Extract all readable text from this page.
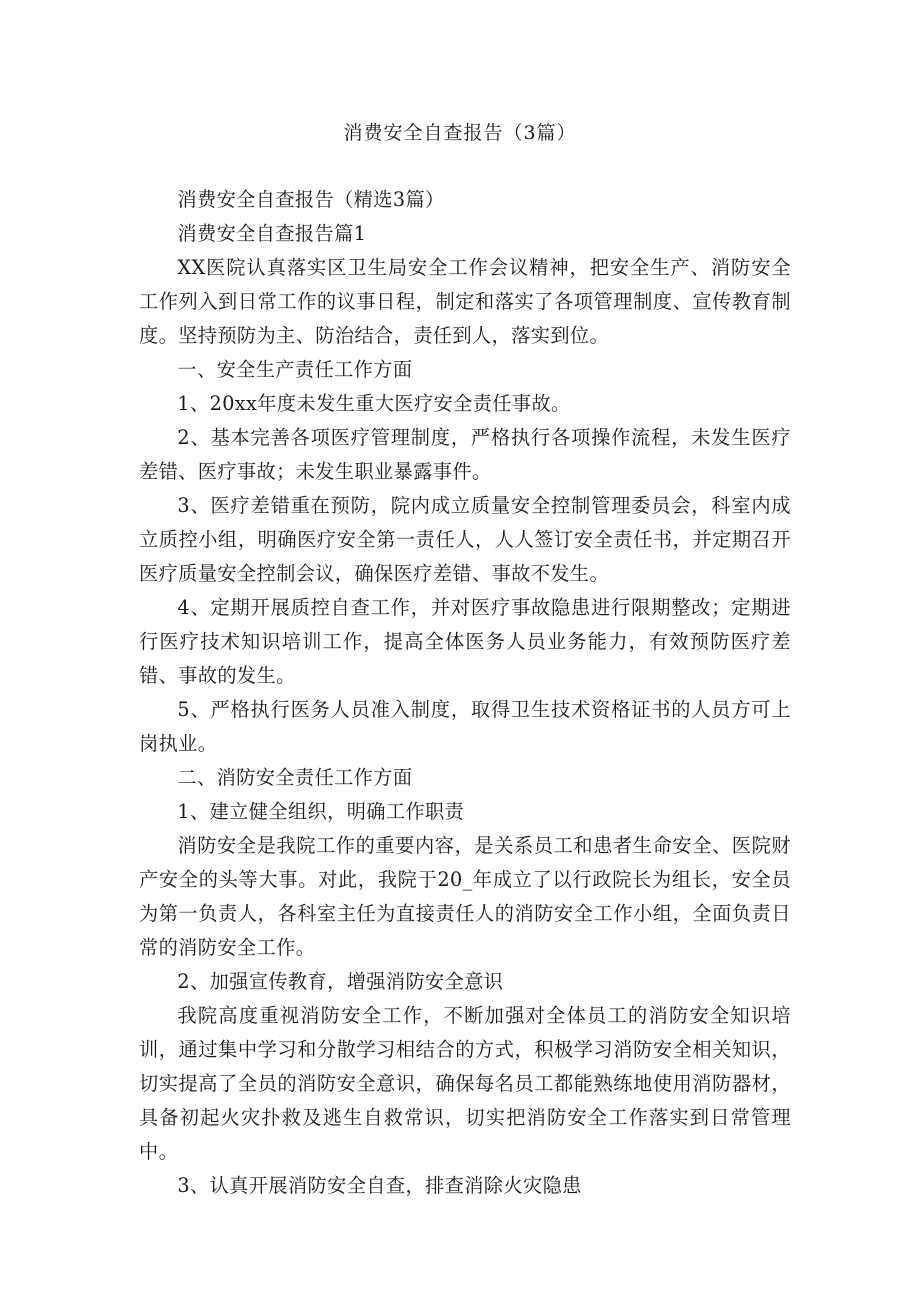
消费安全自查报告（3篇）

消费安全自查报告（精选3篇）

消费安全自查报告篇1

XX医院认真落实区卫生局安全工作会议精神，把安全生产、消防安全工作列入到日常工作的议事日程，制定和落实了各项管理制度、宣传教育制度。坚持预防为主、防治结合，责任到人，落实到位。

一、安全生产责任工作方面

1、20xx年度未发生重大医疗安全责任事故。

2、基本完善各项医疗管理制度，严格执行各项操作流程，未发生医疗差错、医疗事故；未发生职业暴露事件。

3、医疗差错重在预防，院内成立质量安全控制管理委员会，科室内成立质控小组，明确医疗安全第一责任人，人人签订安全责任书，并定期召开医疗质量安全控制会议，确保医疗差错、事故不发生。

4、定期开展质控自查工作，并对医疗事故隐患进行限期整改；定期进行医疗技术知识培训工作，提高全体医务人员业务能力，有效预防医疗差错、事故的发生。

5、严格执行医务人员准入制度，取得卫生技术资格证书的人员方可上岗执业。

二、消防安全责任工作方面

1、建立健全组织，明确工作职责

消防安全是我院工作的重要内容，是关系员工和患者生命安全、医院财产安全的头等大事。对此，我院于20_年成立了以行政院长为组长，安全员为第一负责人，各科室主任为直接责任人的消防安全工作小组，全面负责日常的消防安全工作。

2、加强宣传教育，增强消防安全意识

我院高度重视消防安全工作，不断加强对全体员工的消防安全知识培训，通过集中学习和分散学习相结合的方式，积极学习消防安全相关知识，切实提高了全员的消防安全意识，确保每名员工都能熟练地使用消防器材，具备初起火灾扑救及逃生自救常识，切实把消防安全工作落实到日常管理中。

3、认真开展消防安全自查，排查消除火灾隐患
